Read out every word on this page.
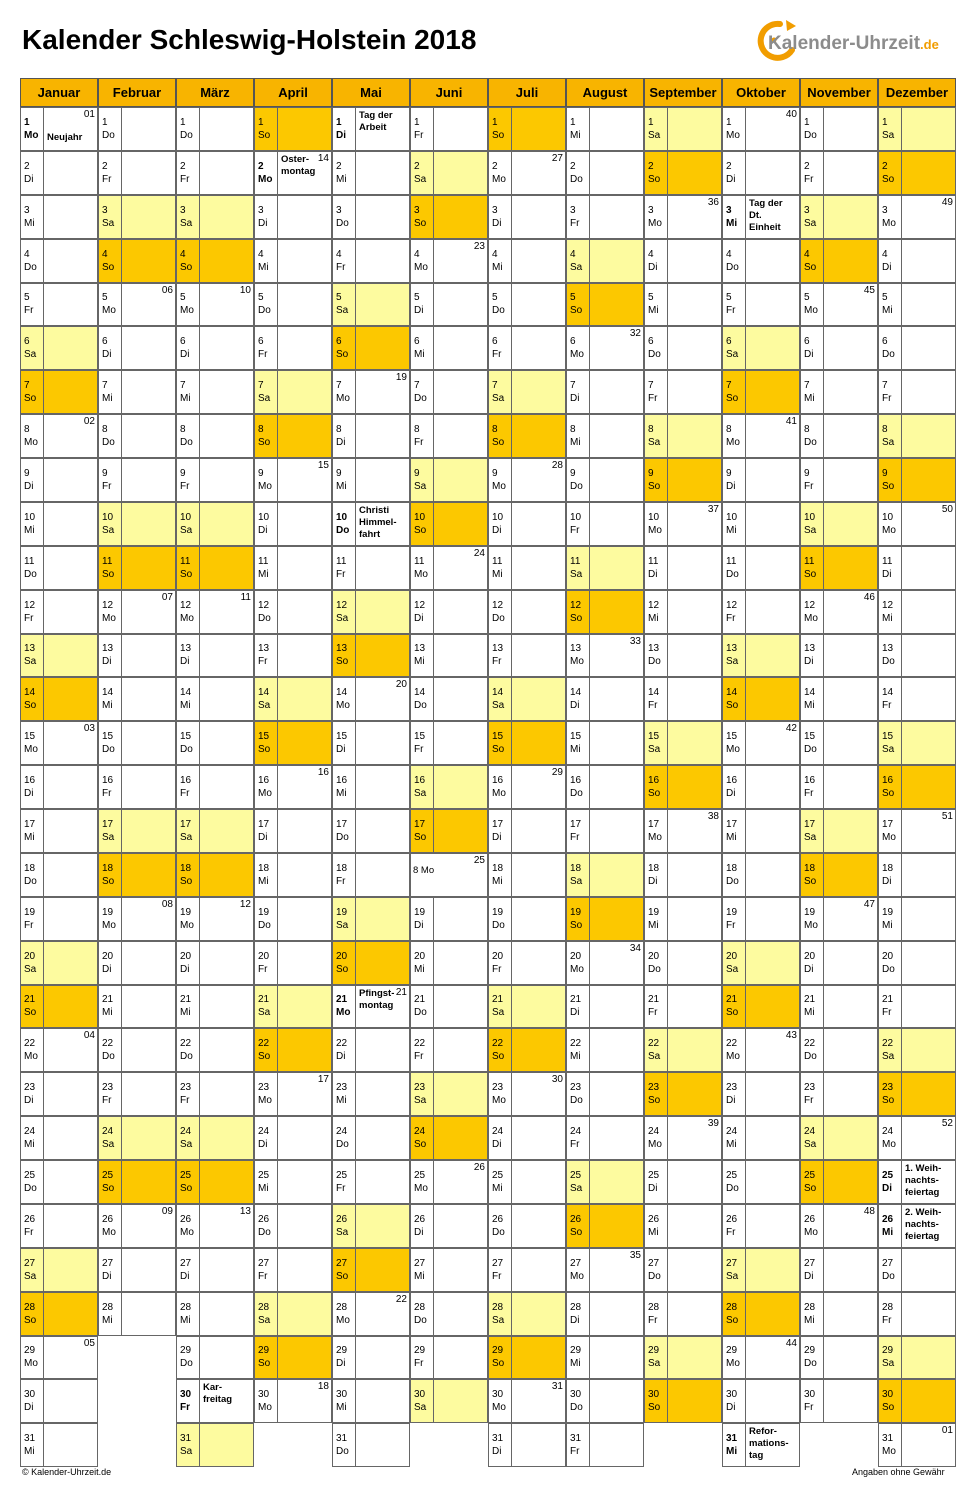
Kalender Schleswig-Holstein 2018	Kalender-Uhrzeit.de
Januar
1
Mo Neujahr
01
2
Di
3
Mi
4
Do
5
Fr
6
Sa
7
So
8
Mo
02
9
Di
10
Mi
11
Do
12
Fr
13
Sa
14
So
15
Mo
03
16
Di
17
Mi
18
Do
19
Fr
20
Sa
21
So
22
Mo
04
23
Di
24
Mi
25
Do
26
Fr
27
Sa
28
So
29
Mo
05
30
Di
31
Mi
Februar
1
Do
2
Fr
3
Sa
4
So
5
Mo
06
6
Di
7
Mi
8
Do
9
Fr
10
Sa
11
So
12
Mo
07
13
Di
14
Mi
15
Do
16
Fr
17
Sa
18
So
19
Mo
08
20
Di
21
Mi
22
Do
23
Fr
24
Sa
25
So
26
Mo
09
27
Di
28
Mi
März
1
Do
2
Fr
3
Sa
4
So
5
Mo
10
6
Di
7
Mi
8
Do
9
Fr
10
Sa
11
So
12
Mo
11
13
Di
14
Mi
15
Do
16
Fr
17
Sa
18
So
19
Mo
12
20
Di
21
Mi
22
Do
23
Fr
24
Sa
25
So
26
Mo
13
27
Di
28
Mi
29
Do
30
Fr
Kar-
freitag
31
Sa
April
1
So
2
Mo
Oster-
montag
14
3
Di
4
Mi
5
Do
6
Fr
7
Sa
8
So
9
Mo
15
10
Di
11
Mi
12
Do
13
Fr
14
Sa
15
So
16
Mo
16
17
Di
18
Mi
19
Do
20
Fr
21
Sa
22
So
23
Mo
17
24
Di
25
Mi
26
Do
27
Fr
28
Sa
29
So
30
Mo
18
Mai
1
Di
Tag der
Arbeit
2
Mi
3
Do
4
Fr
5
Sa
6
So
7
Mo
19
8
Di
9
Mi
10
Do
Christi
Himmel-
fahrt
11
Fr
12
Sa
13
So
14
Mo
20
15
Di
16
Mi
17
Do
18
Fr
19
Sa
20
So
21
Mo
Pfingst-
montag
21
22
Di
23
Mi
24
Do
25
Fr
26
Sa
27
So
28
Mo
22
29
Di
30
Mi
31
Do
Juni
1
Fr
2
Sa
3
So
4
Mo
23
5
Di
6
Mi
7
Do
8
Fr
9
Sa
10
So
11
Mo
24
12
Di
13
Mi
14
Do
15
Fr
16
Sa
17
So
8 Mo
25
19
Di
20
Mi
21
Do
22
Fr
23
Sa
24
So
25
Mo
26
26
Di
27
Mi
28
Do
29
Fr
30
Sa
Juli
1
So
2
Mo
27
3
Di
4
Mi
5
Do
6
Fr
7
Sa
8
So
9
Mo
28
10
Di
11
Mi
12
Do
13
Fr
14
Sa
15
So
16
Mo
29
17
Di
18
Mi
19
Do
20
Fr
21
Sa
22
So
23
Mo
30
24
Di
25
Mi
26
Do
27
Fr
28
Sa
29
So
30
Mo
31
31
Di
August
1
Mi
2
Do
3
Fr
4
Sa
5
So
6
Mo
32
7
Di
8
Mi
9
Do
10
Fr
11
Sa
12
So
13
Mo
33
14
Di
15
Mi
16
Do
17
Fr
18
Sa
19
So
20
Mo
34
21
Di
22
Mi
23
Do
24
Fr
25
Sa
26
So
27
Mo
35
28
Di
29
Mi
30
Do
31
Fr
September
1
Sa
2
So
3
Mo
36
4
Di
5
Mi
6
Do
7
Fr
8
Sa
9
So
10
Mo
37
11
Di
12
Mi
13
Do
14
Fr
15
Sa
16
So
17
Mo
38
18
Di
19
Mi
20
Do
21
Fr
22
Sa
23
So
24
Mo
39
25
Di
26
Mi
27
Do
28
Fr
29
Sa
30
So
Oktober
1
Mo
40
2
Di
3
Mi
Tag der
Dt.
Einheit
4
Do
5
Fr
6
Sa
7
So
8
Mo
41
9
Di
10
Mi
11
Do
12
Fr
13
Sa
14
So
15
Mo
42
16
Di
17
Mi
18
Do
19
Fr
20
Sa
21
So
22
Mo
43
23
Di
24
Mi
25
Do
26
Fr
27
Sa
28
So
29
Mo
44
30
Di
31
Mi
Refor-
mations-
tag
November
1
Do
2
Fr
3
Sa
4
So
5
Mo
45
6
Di
7
Mi
8
Do
9
Fr
10
Sa
11
So
12
Mo
46
13
Di
14
Mi
15
Do
16
Fr
17
Sa
18
So
19
Mo
47
20
Di
21
Mi
22
Do
23
Fr
24
Sa
25
So
26
Mo
48
27
Di
28
Mi
29
Do
30
Fr
Dezember
1
Sa
2
So
3
Mo
49
4
Di
5
Mi
6
Do
7
Fr
8
Sa
9
So
10
Mo
50
11
Di
12
Mi
13
Do
14
Fr
15
Sa
16
So
17
Mo
51
18
Di
19
Mi
20
Do
21
Fr
22
Sa
23
So
24
Mo
52
25
Di
1. Weih-
nachts-
feiertag
26
Mi
2. Weih-
nachts-
feiertag
27
Do
28
Fr
29
Sa
30
So
31
Mo
01
© Kalender-Uhrzeit.de	Angaben ohne Gewähr
